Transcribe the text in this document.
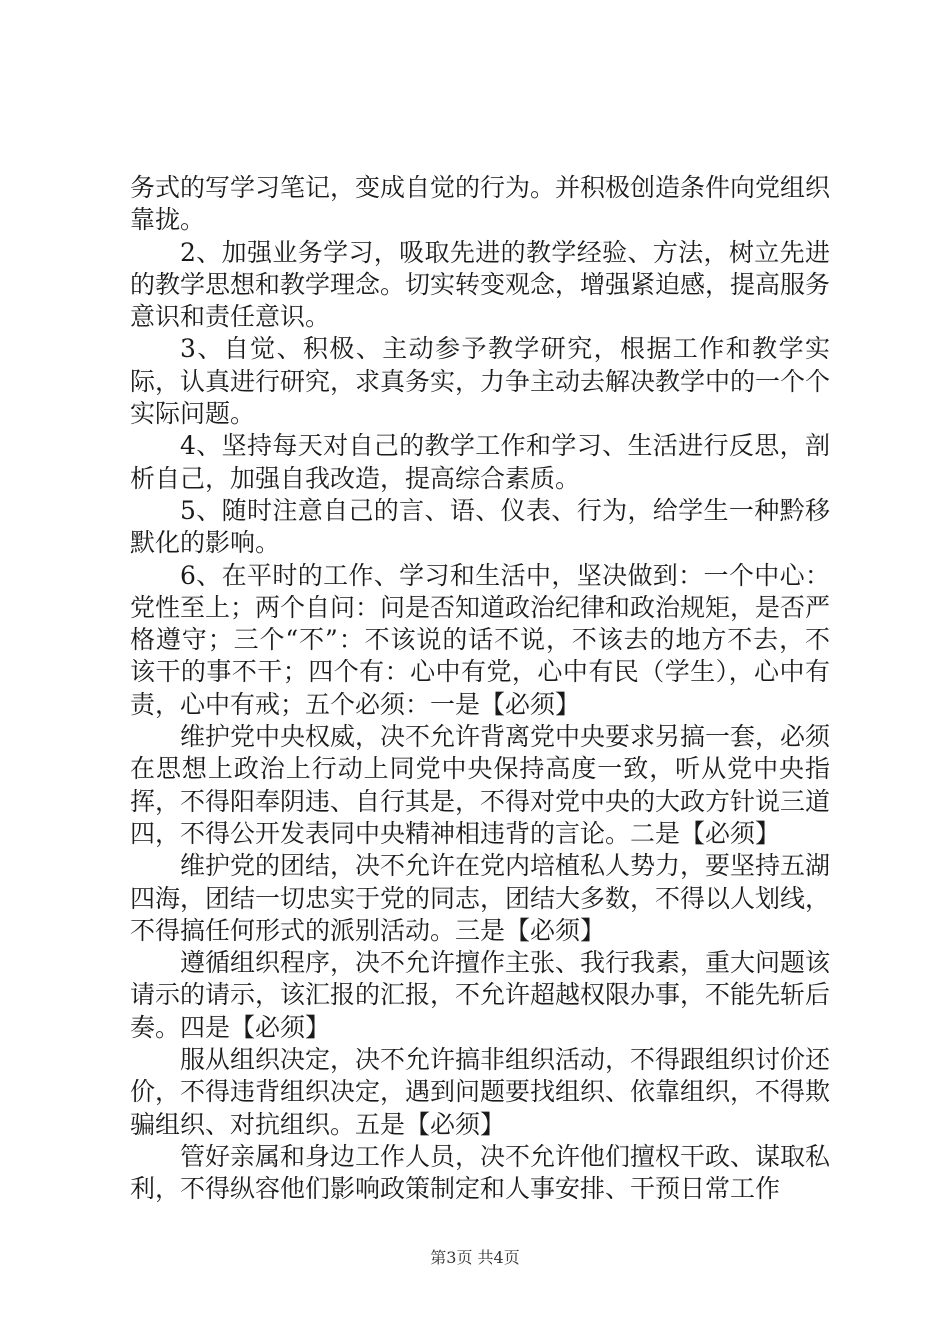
务式的写学习笔记，变成自觉的行为。并积极创造条件向党组织靠拢。

2、加强业务学习，吸取先进的教学经验、方法，树立先进的教学思想和教学理念。切实转变观念，增强紧迫感，提高服务意识和责任意识。

3、自觉、积极、主动参予教学研究，根据工作和教学实际，认真进行研究，求真务实，力争主动去解决教学中的一个个实际问题。

4、坚持每天对自己的教学工作和学习、生活进行反思，剖析自己，加强自我改造，提高综合素质。

5、随时注意自己的言、语、仪表、行为，给学生一种黔移默化的影响。

6、在平时的工作、学习和生活中，坚决做到：一个中心：党性至上；两个自问：问是否知道政治纪律和政治规矩，是否严格遵守；三个“不”：不该说的话不说，不该去的地方不去，不该干的事不干；四个有：心中有党，心中有民（学生），心中有责，心中有戒；五个必须：一是【必须】

维护党中央权威，决不允许背离党中央要求另搞一套，必须在思想上政治上行动上同党中央保持高度一致，听从党中央指挥，不得阳奉阴违、自行其是，不得对党中央的大政方针说三道四，不得公开发表同中央精神相违背的言论。二是【必须】

维护党的团结，决不允许在党内培植私人势力，要坚持五湖四海，团结一切忠实于党的同志，团结大多数，不得以人划线，不得搞任何形式的派别活动。三是【必须】

遵循组织程序，决不允许擅作主张、我行我素，重大问题该请示的请示，该汇报的汇报，不允许超越权限办事，不能先斩后奏。四是【必须】

服从组织决定，决不允许搞非组织活动，不得跟组织讨价还价，不得违背组织决定，遇到问题要找组织、依靠组织，不得欺骗组织、对抗组织。五是【必须】

管好亲属和身边工作人员，决不允许他们擅权干政、谋取私利，不得纵容他们影响政策制定和人事安排、干预日常工作

第3页 共4页
